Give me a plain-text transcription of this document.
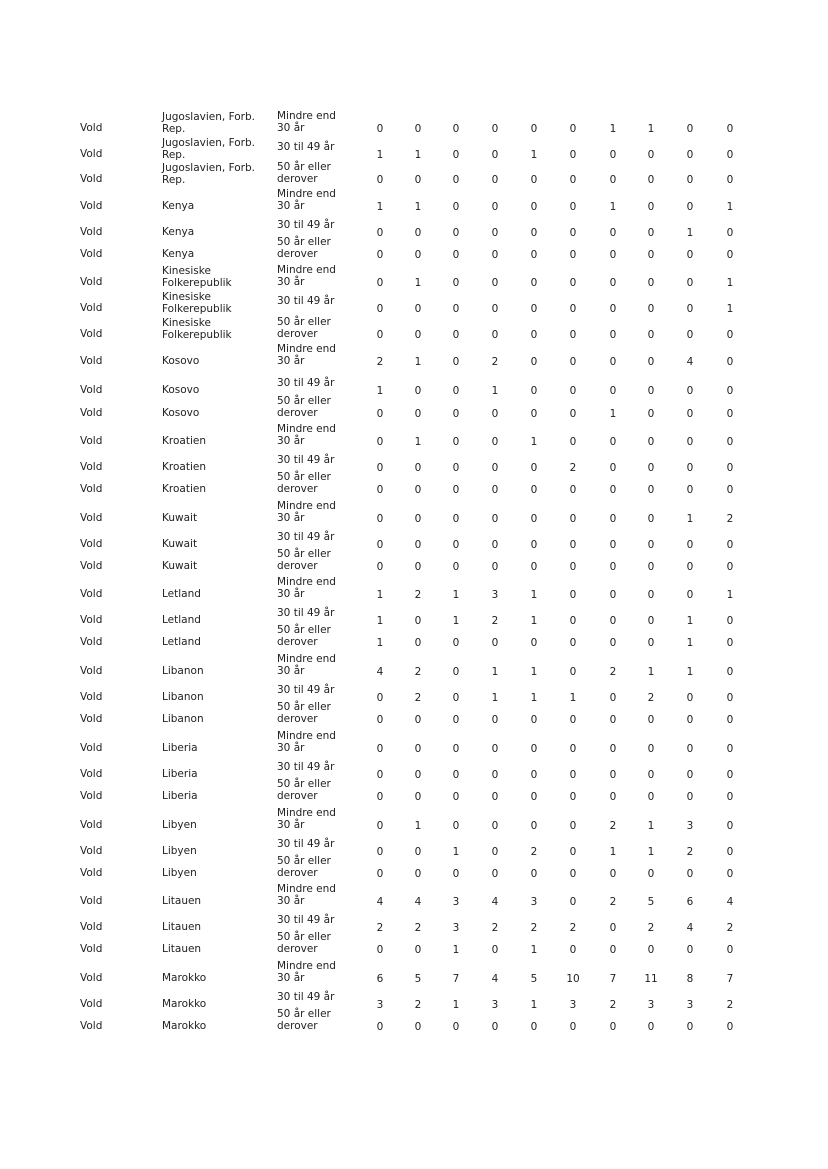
Vold
Jugoslavien, Forb.
Rep.
Mindre end
30 år	0	0	0	0	0	0	1	1	0	0
Vold
Jugoslavien, Forb.
Rep.
30 til 49 år
1	1	0	0	1	0	0	0	0	0
Vold
Jugoslavien, Forb.
Rep.
50 år eller
derover	0	0	0	0	0	0	0	0	0	0
Vold	Kenya
Mindre end
30 år	1	1	0	0	0	0	1	0	0	1
Vold	Kenya
30 til 49 år
0	0	0	0	0	0	0	0	1	0
Vold	Kenya
50 år eller
derover	0	0	0	0	0	0	0	0	0	0
Vold
Kinesiske
Folkerepublik
Mindre end
30 år	0	1	0	0	0	0	0	0	0	1
Vold
Kinesiske
Folkerepublik
30 til 49 år
0	0	0	0	0	0	0	0	0	1
Vold
Kinesiske
Folkerepublik
50 år eller
derover	0	0	0	0	0	0	0	0	0	0
Vold	Kosovo
Mindre end
30 år	2	1	0	2	0	0	0	0	4	0
Vold	Kosovo
30 til 49 år
1	0	0	1	0	0	0	0	0	0
Vold	Kosovo
50 år eller
derover	0	0	0	0	0	0	1	0	0	0
Vold	Kroatien
Mindre end
30 år	0	1	0	0	1	0	0	0	0	0
Vold	Kroatien
30 til 49 år
0	0	0	0	0	2	0	0	0	0
Vold	Kroatien
50 år eller
derover	0	0	0	0	0	0	0	0	0	0
Vold	Kuwait
Mindre end
30 år	0	0	0	0	0	0	0	0	1	2
Vold	Kuwait
30 til 49 år
0	0	0	0	0	0	0	0	0	0
Vold	Kuwait
50 år eller
derover	0	0	0	0	0	0	0	0	0	0
Vold	Letland
Mindre end
30 år	1	2	1	3	1	0	0	0	0	1
Vold	Letland
30 til 49 år
1	0	1	2	1	0	0	0	1	0
Vold	Letland
50 år eller
derover	1	0	0	0	0	0	0	0	1	0
Vold	Libanon
Mindre end
30 år	4	2	0	1	1	0	2	1	1	0
Vold	Libanon
30 til 49 år
0	2	0	1	1	1	0	2	0	0
Vold	Libanon
50 år eller
derover	0	0	0	0	0	0	0	0	0	0
Vold	Liberia
Mindre end
30 år	0	0	0	0	0	0	0	0	0	0
Vold	Liberia
30 til 49 år
0	0	0	0	0	0	0	0	0	0
Vold	Liberia
50 år eller
derover	0	0	0	0	0	0	0	0	0	0
Vold	Libyen
Mindre end
30 år	0	1	0	0	0	0	2	1	3	0
Vold	Libyen
30 til 49 år
0	0	1	0	2	0	1	1	2	0
Vold	Libyen
50 år eller
derover	0	0	0	0	0	0	0	0	0	0
Vold	Litauen
Mindre end
30 år	4	4	3	4	3	0	2	5	6	4
Vold	Litauen
30 til 49 år
2	2	3	2	2	2	0	2	4	2
Vold	Litauen
50 år eller
derover	0	0	1	0	1	0	0	0	0	0
Vold	Marokko
Mindre end
30 år	6	5	7	4	5	10	7	11	8	7
Vold	Marokko
30 til 49 år
3	2	1	3	1	3	2	3	3	2
Vold	Marokko
50 år eller
derover	0	0	0	0	0	0	0	0	0	0
